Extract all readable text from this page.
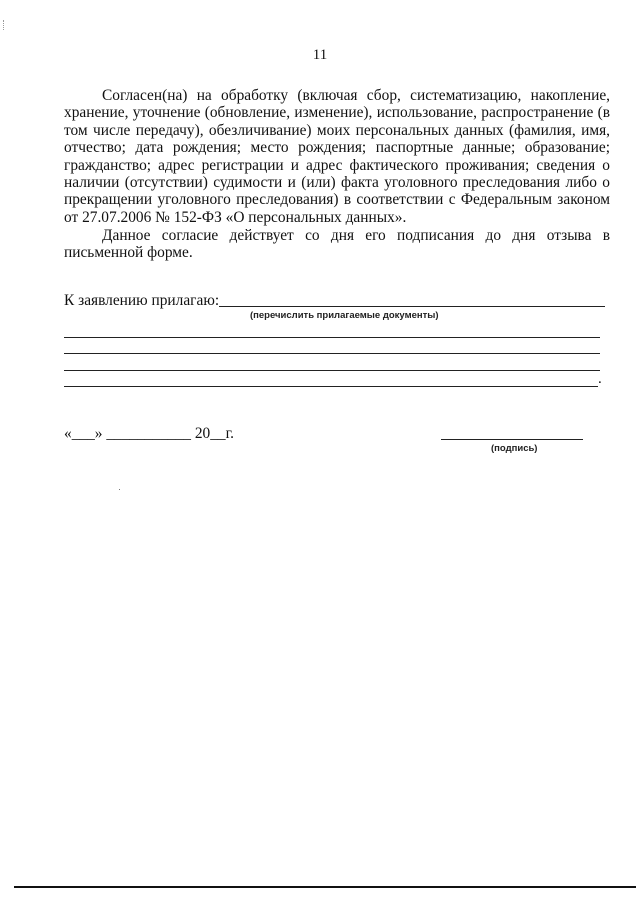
11

Согласен(на) на обработку (включая сбор, систематизацию, накопление, хранение, уточнение (обновление, изменение), использование, распространение (в том числе передачу), обезличивание) моих персональных данных (фамилия, имя, отчество; дата рождения; место рождения; паспортные данные; образование; гражданство; адрес регистрации и адрес фактического проживания; сведения о наличии (отсутствии) судимости и (или) факта уголовного преследования либо о прекращении уголовного преследования) в соответствии с Федеральным законом от 27.07.2006 № 152-ФЗ «О персональных данных».

Данное согласие действует со дня его подписания до дня отзыва в письменной форме.

К заявлению прилагаю:
(перечислить прилагаемые документы)
.
«___» ___________ 20__г.
(подпись)
